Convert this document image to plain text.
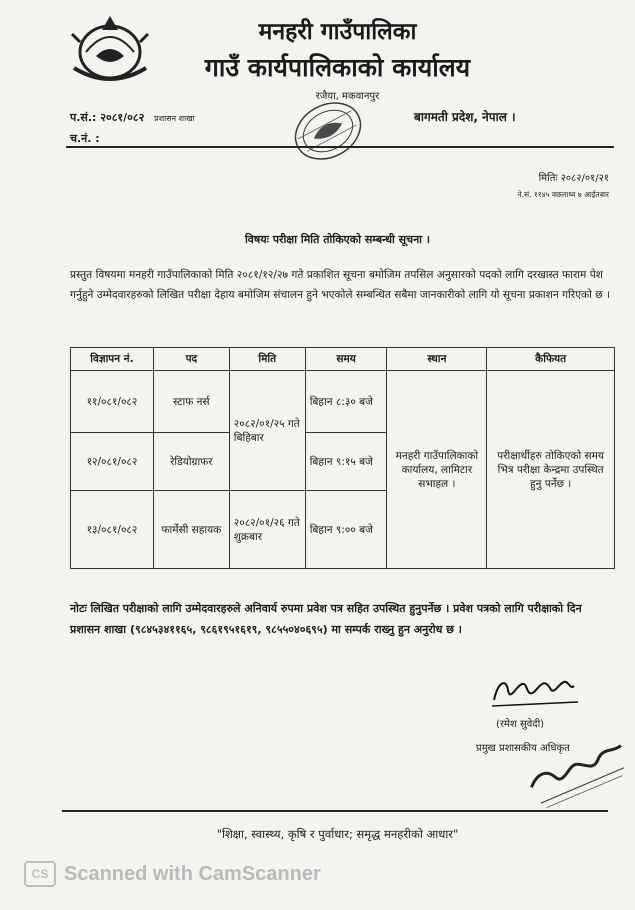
मनहरी गाउँपालिका
गाउँ कार्यपालिकाको कार्यालय
रजैया, मकवानपुर
प.सं.: २०८१/०८२ प्रशासन शाखा
च.नं. :
बागमती प्रदेश, नेपाल ।
मितिः २०८२/०१/२१
ने.सं. ११४५ वछलाथ्व ७ आईतबार
विषयः परीक्षा मिति तोकिएको सम्बन्धी सूचना ।
प्रस्तुत विषयमा मनहरी गाउँपालिकाको मिति २०८१/१२/२७ गते प्रकाशित सूचना बमोजिम तपसिल अनुसारको पदको लागि दरखास्त फाराम पेश गर्नुहुने उम्मेदवारहरुको लिखित परीक्षा देहाय बमोजिम संचालन हुने भएकोले सम्बन्धित सबैमा जानकारीको लागि यो सूचना प्रकाशन गरिएको छ ।
विज्ञापन नं.	पद	मिति	समय	स्थान	कैफियत
११/०८१/०८२	स्टाफ नर्स	२०८२/०१/२५ गते बिहिबार	बिहान ८:३० बजे	मनहरी गाउँपालिकाको कार्यालय, लामिटार सभाहल ।	परीक्षार्थीहरु तोकिएको समय भित्र परीक्षा केन्द्रमा उपस्थित हुनु पर्नेछ ।
१२/०८१/०८२	रेडियोग्राफर		बिहान ९:१५ बजे		
१३/०८१/०८२	फार्मेसी सहायक	२०८२/०१/२६ गते शुक्रबार	बिहान ९:०० बजे		
नोटः लिखित परीक्षाको लागि उम्मेदवारहरुले अनिवार्य रुपमा प्रवेश पत्र सहित उपस्थित हुनुपर्नेछ । प्रवेश पत्रको लागि परीक्षाको दिन प्रशासन शाखा (९८४५३४११६५, ९८६१९५१६१९, ९८५५०४०६९५) मा सम्पर्क राख्नु हुन अनुरोध छ ।
(रमेश सुवेदी)
प्रमुख प्रशासकीय अधिकृत
"शिक्षा, स्वास्थ्य, कृषि र पुर्वाधार; समृद्ध मनहरीको आधार"
CS Scanned with CamScanner
